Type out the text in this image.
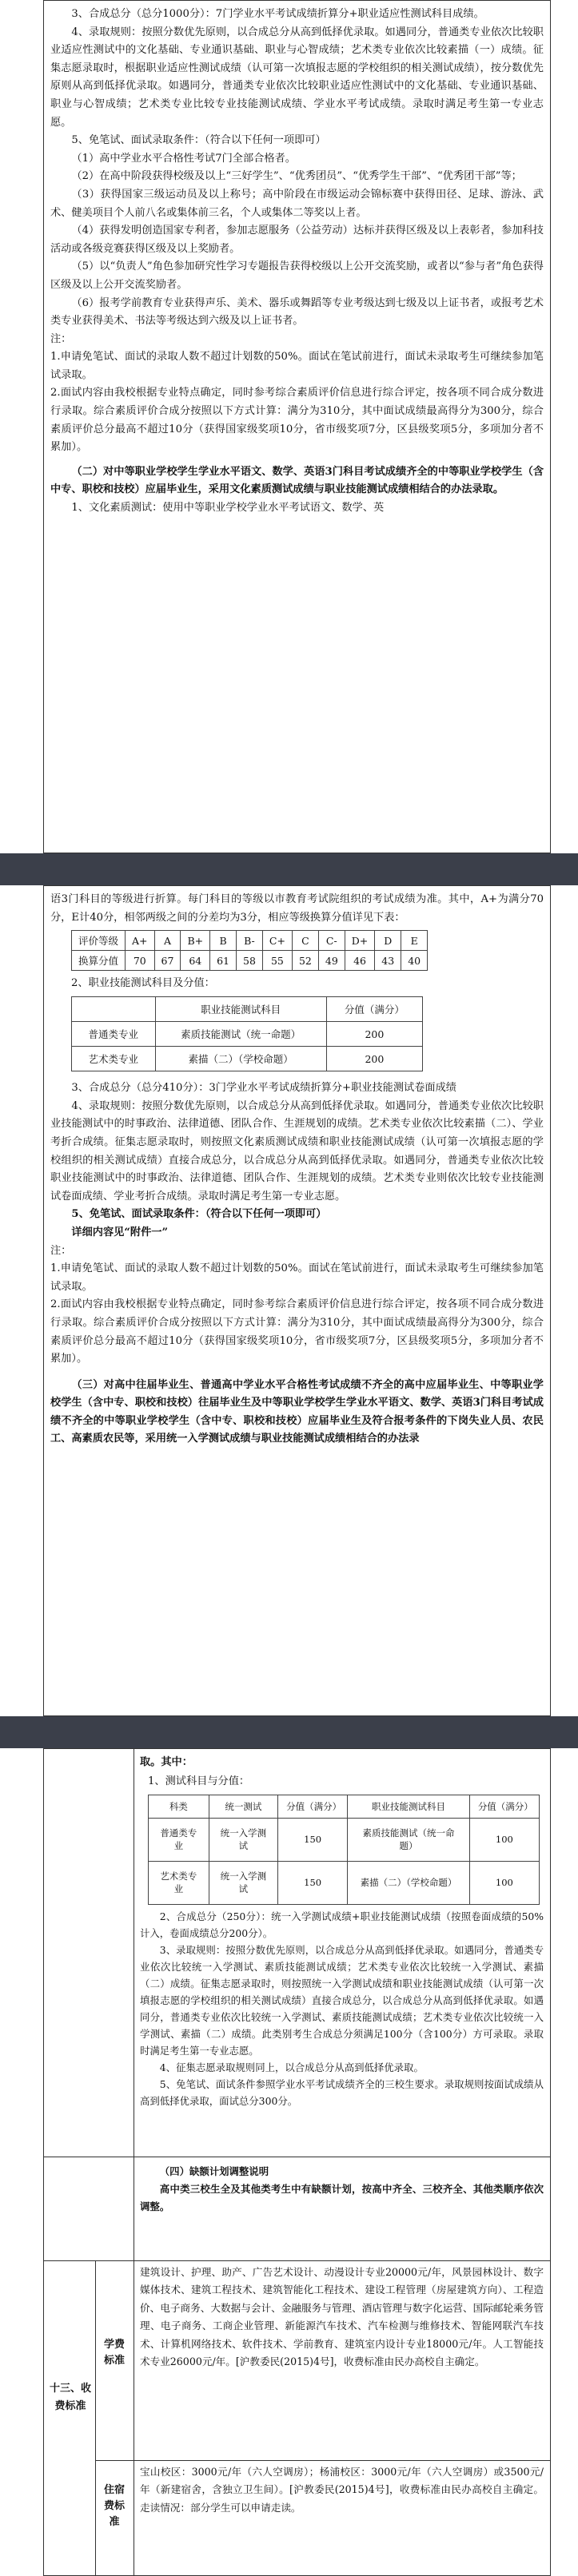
3、合成总分（总分1000分）：7门学业水平考试成绩折算分+职业适应性测试科目成绩。

4、录取规则：按照分数优先原则，以合成总分从高到低择优录取。如遇同分，普通类专业依次比较职业适应性测试中的文化基础、专业通识基础、职业与心智成绩；艺术类专业依次比较素描（一）成绩。征集志愿录取时，根据职业适应性测试成绩（认可第一次填报志愿的学校组织的相关测试成绩），按分数优先原则从高到低择优录取。如遇同分，普通类专业依次比较职业适应性测试中的文化基础、专业通识基础、职业与心智成绩；艺术类专业比较专业技能测试成绩、学业水平考试成绩。录取时满足考生第一专业志愿。

5、免笔试、面试录取条件：（符合以下任何一项即可）

（1）高中学业水平合格性考试7门全部合格者。

（2）在高中阶段获得校级及以上“三好学生”、“优秀团员”、“优秀学生干部”、“优秀团干部”等；

（3）获得国家三级运动员及以上称号；高中阶段在市级运动会锦标赛中获得田径、足球、游泳、武术、健美项目个人前八名或集体前三名，个人或集体二等奖以上者。

（4）获得发明创造国家专利者，参加志愿服务（公益劳动）达标并获得区级及以上表彰者，参加科技活动或各级竞赛获得区级及以上奖励者。

（5）以“负责人”角色参加研究性学习专题报告获得校级以上公开交流奖励，或者以“参与者”角色获得区级及以上公开交流奖励者。

（6）报考学前教育专业获得声乐、美术、器乐或舞蹈等专业考级达到七级及以上证书者，或报考艺术类专业获得美术、书法等考级达到六级及以上证书者。

注：

1.申请免笔试、面试的录取人数不超过计划数的50%。面试在笔试前进行，面试未录取考生可继续参加笔试录取。

2.面试内容由我校根据专业特点确定，同时参考综合素质评价信息进行综合评定，按各项不同合成分数进行录取。综合素质评价合成分按照以下方式计算：满分为310分，其中面试成绩最高得分为300分，综合素质评价总分最高不超过10分（获得国家级奖项10分，省市级奖项7分，区县级奖项5分，多项加分者不累加）。

（二）对中等职业学校学生学业水平语文、数学、英语3门科目考试成绩齐全的中等职业学校学生（含中专、职校和技校）应届毕业生，采用文化素质测试成绩与职业技能测试成绩相结合的办法录取。

1、文化素质测试：使用中等职业学校学业水平考试语文、数学、英

语3门科目的等级进行折算。每门科目的等级以市教育考试院组织的考试成绩为准。其中，A+为满分70分，E计40分，相邻两级之间的分差均为3分，相应等级换算分值详见下表：

评价等级	A+	A	B+	B	B-	C+	C	C-	D+	D	E
换算分值	70	67	64	61	58	55	52	49	46	43	40

2、职业技能测试科目及分值：

	职业技能测试科目	分值（满分）
普通类专业	素质技能测试（统一命题）	200
艺术类专业	素描（二）（学校命题）	200

3、合成总分（总分410分）：3门学业水平考试成绩折算分+职业技能测试卷面成绩

4、录取规则：按照分数优先原则，以合成总分从高到低择优录取。如遇同分，普通类专业依次比较职业技能测试中的时事政治、法律道德、团队合作、生涯规划的成绩。艺术类专业依次比较素描（二）、学业考折合成绩。征集志愿录取时，则按照文化素质测试成绩和职业技能测试成绩（认可第一次填报志愿的学校组织的相关测试成绩）直接合成总分，以合成总分从高到低择优录取。如遇同分，普通类专业依次比较职业技能测试中的时事政治、法律道德、团队合作、生涯规划的成绩。艺术类专业则依次比较专业技能测试卷面成绩、学业考折合成绩。录取时满足考生第一专业志愿。

5、免笔试、面试录取条件：（符合以下任何一项即可）

详细内容见“附件一”

注：

1.申请免笔试、面试的录取人数不超过计划数的50%。面试在笔试前进行，面试未录取考生可继续参加笔试录取。

2.面试内容由我校根据专业特点确定，同时参考综合素质评价信息进行综合评定，按各项不同合成分数进行录取。综合素质评价合成分按照以下方式计算：满分为310分，其中面试成绩最高得分为300分，综合素质评价总分最高不超过10分（获得国家级奖项10分，省市级奖项7分，区县级奖项5分，多项加分者不累加）。

（三）对高中往届毕业生、普通高中学业水平合格性考试成绩不齐全的高中应届毕业生、中等职业学校学生（含中专、职校和技校）往届毕业生及中等职业学校学生学业水平语文、数学、英语3门科目考试成绩不齐全的中等职业学校学生（含中专、职校和技校）应届毕业生及符合报考条件的下岗失业人员、农民工、高素质农民等，采用统一入学测试成绩与职业技能测试成绩相结合的办法录

取。其中：

1、测试科目与分值：

科类	统一测试	分值（满分）	职业技能测试科目	分值（满分）
普通类专业	统一入学测试	150	素质技能测试（统一命题）	100
艺术类专业	统一入学测试	150	素描（二）（学校命题）	100

2、合成总分（250分）：统一入学测试成绩+职业技能测试成绩（按照卷面成绩的50%计入，卷面成绩总分200分）。

3、录取规则：按照分数优先原则，以合成总分从高到低择优录取。如遇同分，普通类专业依次比较统一入学测试、素质技能测试成绩；艺术类专业依次比较统一入学测试、素描（二）成绩。征集志愿录取时，则按照统一入学测试成绩和职业技能测试成绩（认可第一次填报志愿的学校组织的相关测试成绩）直接合成总分，以合成总分从高到低择优录取。如遇同分，普通类专业依次比较统一入学测试、素质技能测试成绩；艺术类专业依次比较统一入学测试、素描（二）成绩。此类别考生合成总分须满足100分（含100分）方可录取。录取时满足考生第一专业志愿。

4、征集志愿录取规则同上，以合成总分从高到低择优录取。

5、免笔试、面试条件参照学业水平考试成绩齐全的三校生要求。录取规则按面试成绩从高到低择优录取，面试总分300分。

（四）缺额计划调整说明

高中类三校生全及其他类考生中有缺额计划，按高中齐全、三校齐全、其他类顺序依次调整。

十三、收费标准
学费标准

建筑设计、护理、助产、广告艺术设计、动漫设计专业20000元/年，风景园林设计、数字媒体技术、建筑工程技术、建筑智能化工程技术、建设工程管理（房屋建筑方向）、工程造价、电子商务、大数据与会计、金融服务与管理、酒店管理与数字化运营、国际邮轮乘务管理、电子商务、工商企业管理、新能源汽车技术、汽车检测与维修技术、智能网联汽车技术、计算机网络技术、软件技术、学前教育、建筑室内设计专业18000元/年。人工智能技术专业26000元/年。[沪教委民(2015)4号]，收费标准由民办高校自主确定。

住宿费标准

宝山校区：3000元/年（六人空调房）；杨浦校区：3000元/年（六人空调房）或3500元/年（新建宿舍，含独立卫生间）。[沪教委民(2015)4号]，收费标准由民办高校自主确定。走读情况：部分学生可以申请走读。
